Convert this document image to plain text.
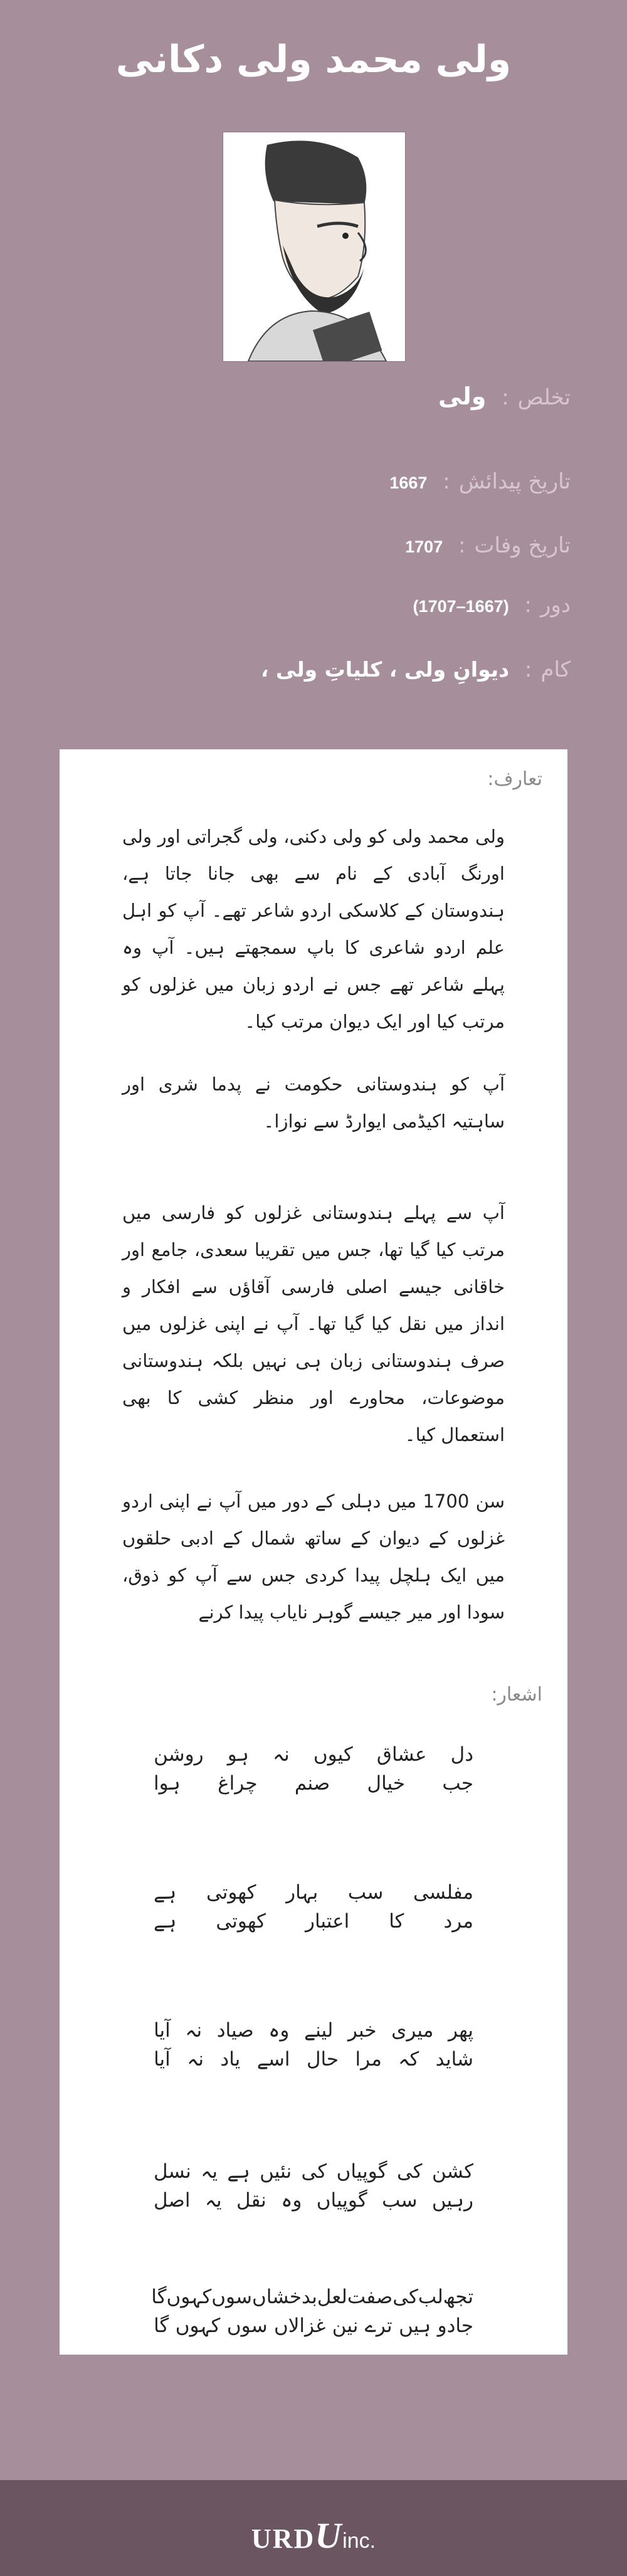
ولی محمد ولی دکانی
تخلص: ولی
تاریخ پیدائش: 1667
تاریخ وفات: 1707
دور: (1667–1707)
کام: دیوانِ ولی ، کلیاتِ ولی ،
تعارف:
ولی محمد ولی کو ولی دکنی، ولی گجراتی اور ولی اورنگ آبادی کے نام سے بھی جانا جاتا ہے، ہندوستان کے کلاسکی اردو شاعر تھے۔ آپ کو اہل علم اردو شاعری کا باپ سمجھتے ہیں۔ آپ وہ پہلے شاعر تھے جس نے اردو زبان میں غزلوں کو مرتب کیا اور ایک دیوان مرتب کیا۔
آپ کو ہندوستانی حکومت نے پدما شری اور ساہتیہ اکیڈمی ایوارڈ سے نوازا۔
آپ سے پہلے ہندوستانی غزلوں کو فارسی میں مرتب کیا گیا تھا، جس میں تقریبا سعدی، جامع اور خاقانی جیسے اصلی فارسی آقاؤں سے افکار و انداز میں نقل کیا گیا تھا۔ آپ نے اپنی غزلوں میں صرف ہندوستانی زبان ہی نہیں بلکہ ہندوستانی موضوعات، محاورے اور منظر کشی کا بھی استعمال کیا۔
سن 1700 میں دہلی کے دور میں آپ نے اپنی اردو غزلوں کے دیوان کے ساتھ شمال کے ادبی حلقوں میں ایک ہلچل پیدا کردی جس سے آپ کو ذوق، سودا اور میر جیسے گوہر نایاب پیدا کرنے
اشعار:
دل
عشاق
کیوں
نہ
ہو
روشن
جب
خیال
صنم
چراغ
ہوا
مفلسی
سب
بہار
کھوتی
ہے
مرد
کا
اعتبار
کھوتی
ہے
پھر
میری
خبر
لینے
وہ
صیاد
نہ
آیا
شاید
کہ
مرا
حال
اسے
یاد
نہ
آیا
کشن
کی
گوپیاں
کی
نئیں
ہے
یہ
نسل
رہیں
سب
گوپیاں
وہ
نقل
یہ
اصل
تجھ
لب
کی
صفت
لعل
بدخشاں
سوں
کہوں
گا
جادو
ہیں
ترے
نین
غزالاں
سوں
کہوں
گا
URDUinc.
